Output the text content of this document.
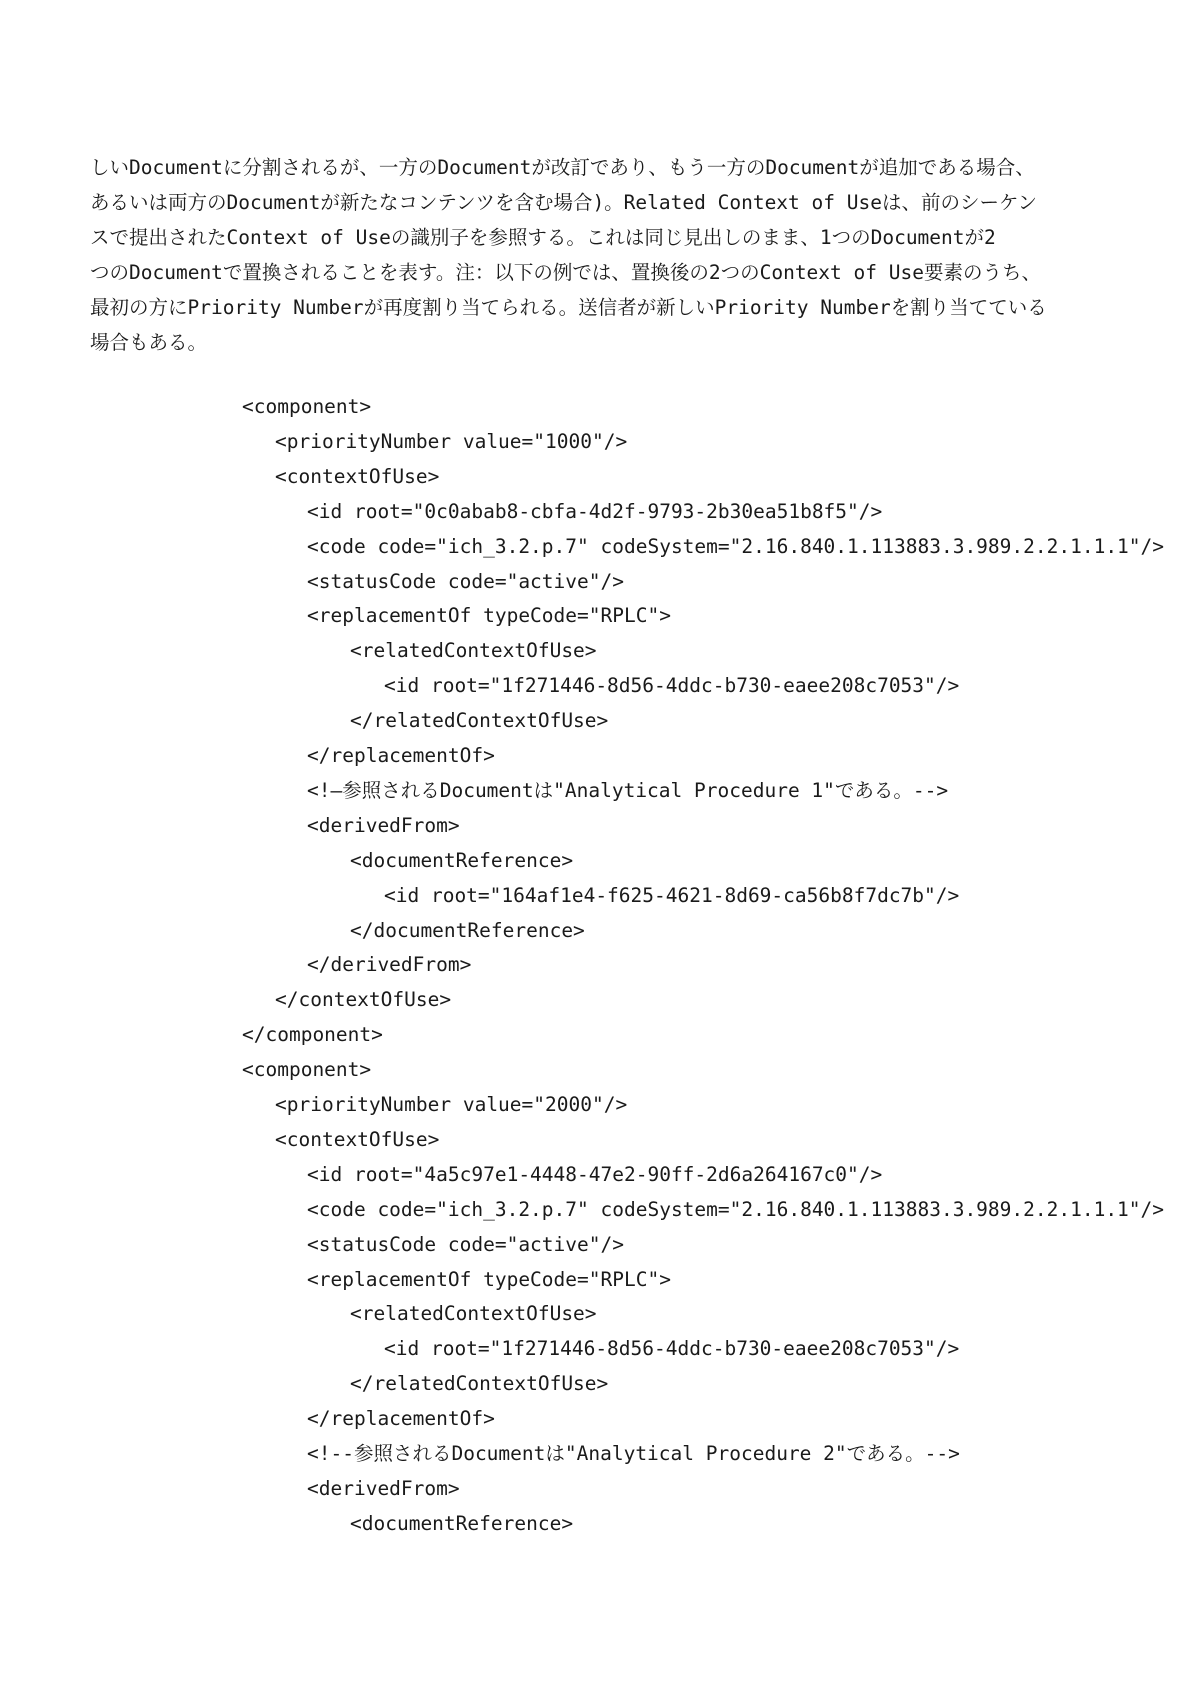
しいDocumentに分割されるが、一方のDocumentが改訂であり、もう一方のDocumentが追加である場合、
あるいは両方のDocumentが新たなコンテンツを含む場合)。Related Context of Useは、前のシーケン
スで提出されたContext of Useの識別子を参照する。これは同じ見出しのまま、1つのDocumentが2
つのDocumentで置換されることを表す。注：以下の例では、置換後の2つのContext of Use要素のうち、
最初の方にPriority Numberが再度割り当てられる。送信者が新しいPriority Numberを割り当てている
場合もある。
<component>
<priorityNumber value="1000"/>
<contextOfUse>
<id root="0c0abab8-cbfa-4d2f-9793-2b30ea51b8f5"/>
<code code="ich_3.2.p.7" codeSystem="2.16.840.1.113883.3.989.2.2.1.1.1"/>
<statusCode code="active"/>
<replacementOf typeCode="RPLC">
<relatedContextOfUse>
<id root="1f271446-8d56-4ddc-b730-eaee208c7053"/>
</relatedContextOfUse>
</replacementOf>
<!—参照されるDocumentは"Analytical Procedure 1"である。-->
<derivedFrom>
<documentReference>
<id root="164af1e4-f625-4621-8d69-ca56b8f7dc7b"/>
</documentReference>
</derivedFrom>
</contextOfUse>
</component>
<component>
<priorityNumber value="2000"/>
<contextOfUse>
<id root="4a5c97e1-4448-47e2-90ff-2d6a264167c0"/>
<code code="ich_3.2.p.7" codeSystem="2.16.840.1.113883.3.989.2.2.1.1.1"/>
<statusCode code="active"/>
<replacementOf typeCode="RPLC">
<relatedContextOfUse>
<id root="1f271446-8d56-4ddc-b730-eaee208c7053"/>
</relatedContextOfUse>
</replacementOf>
<!--参照されるDocumentは"Analytical Procedure 2"である。-->
<derivedFrom>
<documentReference>
